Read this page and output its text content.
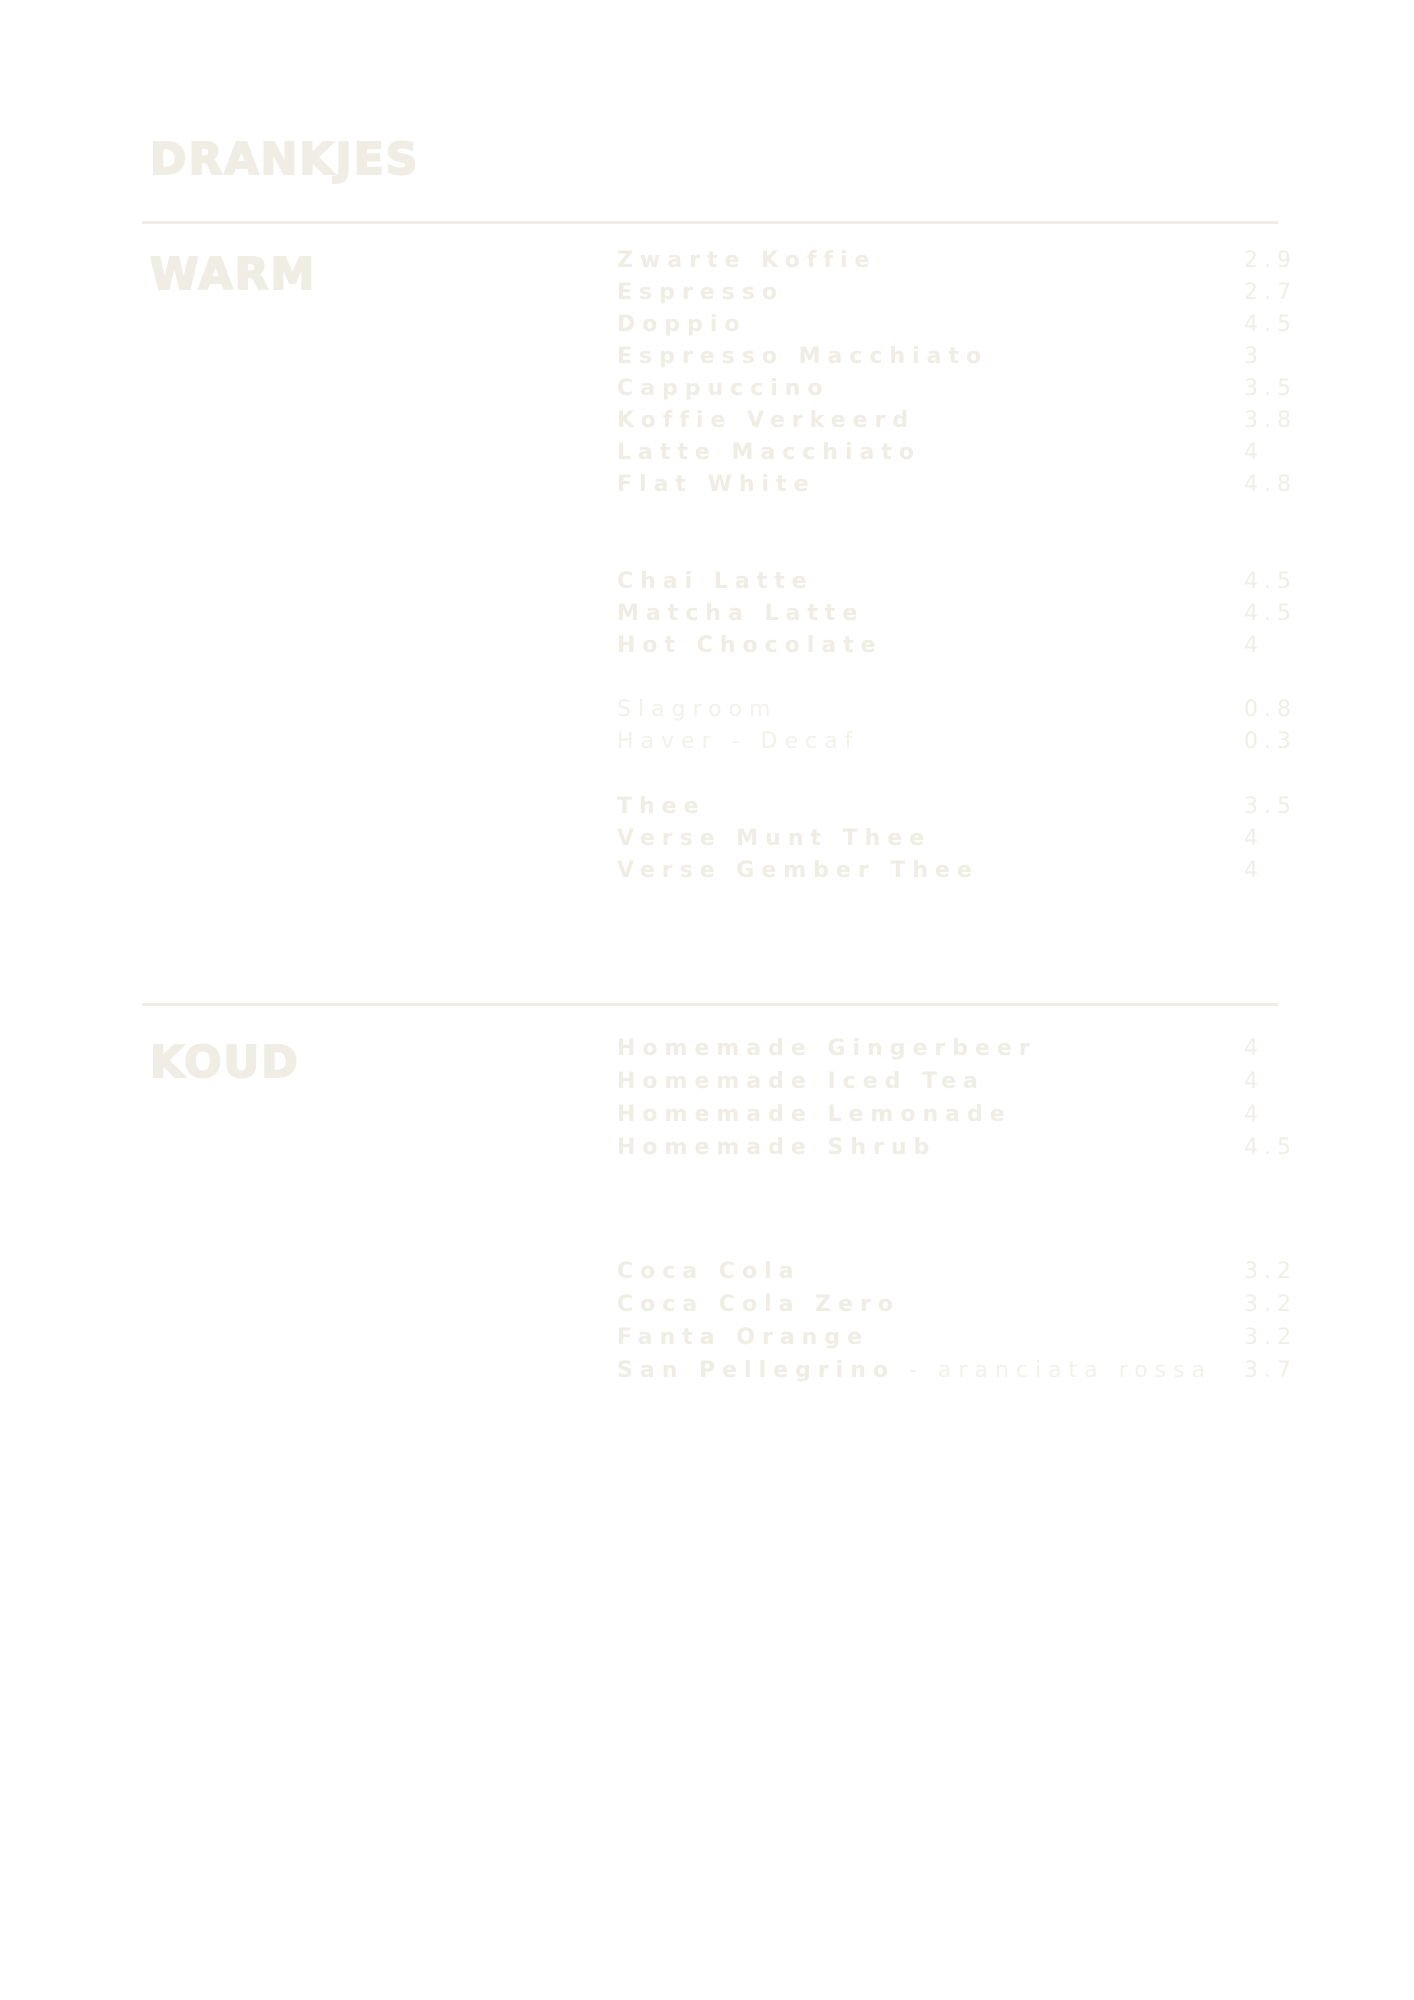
DRANKJES
WARM	Zwarte Koffie	2.9
Espresso	2.7
Doppio	4.5
Espresso Macchiato	3
Cappuccino	3.5
Koffie Verkeerd	3.8
Latte Macchiato	4
Flat White	4.8
Chai Latte	4.5
Matcha Latte	4.5
Hot Chocolate	4
Slagroom	0.8
Haver - Decaf	0.3
Thee	3.5
Verse Munt Thee	4
Verse Gember Thee	4
KOUD	Homemade Gingerbeer	4
Homemade Iced Tea	4
Homemade Lemonade	4
Homemade Shrub	4.5
Coca Cola	3.2
Coca Cola Zero	3.2
Fanta Orange	3.2
San Pellegrino - aranciata rossa 3.7
